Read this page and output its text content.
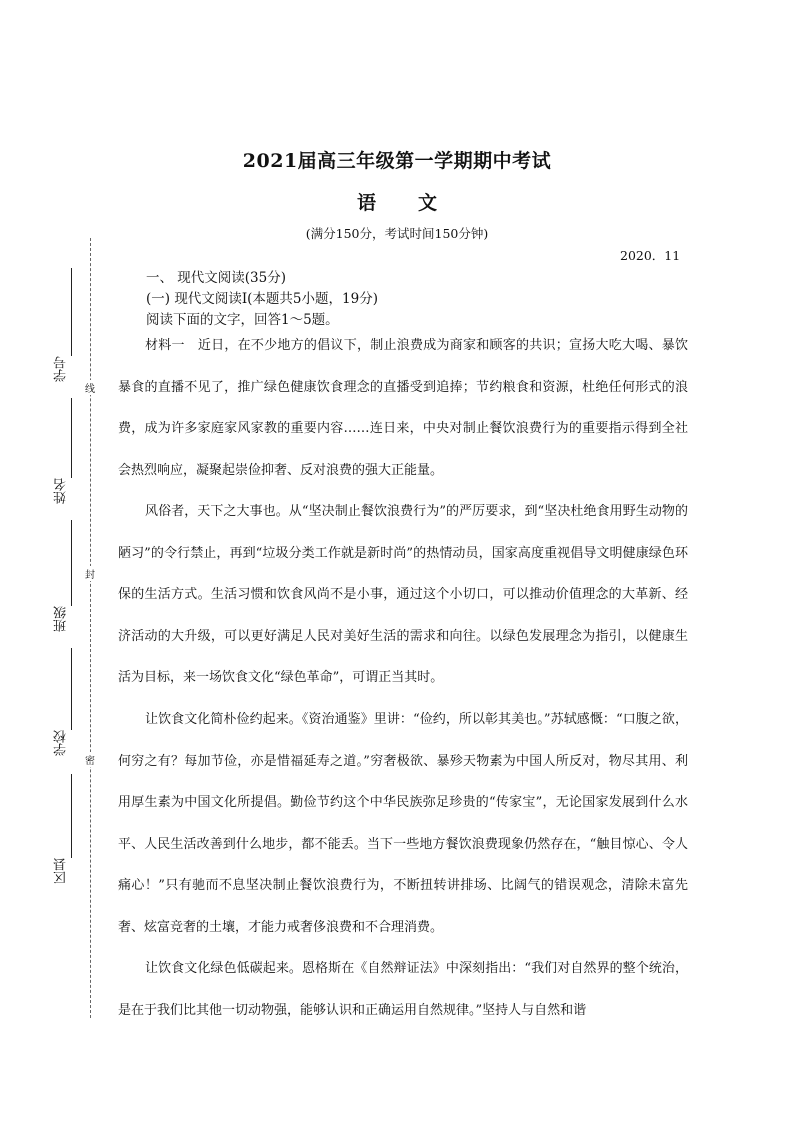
2021届高三年级第一学期期中考试
语文
(满分150分，考试时间150分钟)
2020．11
线
封
密
学号
姓名
班级
学校
区县
一、 现代文阅读(35分)
(一) 现代文阅读Ⅰ(本题共5小题，19分)
阅读下面的文字，回答1～5题。
材料一 近日，在不少地方的倡议下，制止浪费成为商家和顾客的共识；宣扬大吃大喝、暴饮暴食的直播不见了，推广绿色健康饮食理念的直播受到追捧；节约粮食和资源，杜绝任何形式的浪费，成为许多家庭家风家教的重要内容……连日来，中央对制止餐饮浪费行为的重要指示得到全社会热烈响应，凝聚起崇俭抑奢、反对浪费的强大正能量。
风俗者，天下之大事也。从“坚决制止餐饮浪费行为”的严厉要求，到“坚决杜绝食用野生动物的陋习”的令行禁止，再到“垃圾分类工作就是新时尚”的热情动员，国家高度重视倡导文明健康绿色环保的生活方式。生活习惯和饮食风尚不是小事，通过这个小切口，可以推动价值理念的大革新、经济活动的大升级，可以更好满足人民对美好生活的需求和向往。以绿色发展理念为指引，以健康生活为目标，来一场饮食文化“绿色革命”，可谓正当其时。
让饮食文化简朴俭约起来。《资治通鉴》里讲：“俭约，所以彰其美也。”苏轼感慨：“口腹之欲，何穷之有？每加节俭，亦是惜福延寿之道。”穷奢极欲、暴殄天物素为中国人所反对，物尽其用、利用厚生素为中国文化所提倡。勤俭节约这个中华民族弥足珍贵的“传家宝”，无论国家发展到什么水平、人民生活改善到什么地步，都不能丢。当下一些地方餐饮浪费现象仍然存在，“触目惊心、令人痛心！”只有驰而不息坚决制止餐饮浪费行为，不断扭转讲排场、比阔气的错误观念，清除未富先奢、炫富竞奢的土壤，才能力戒奢侈浪费和不合理消费。
让饮食文化绿色低碳起来。恩格斯在《自然辩证法》中深刻指出：“我们对自然界的整个统治，是在于我们比其他一切动物强，能够认识和正确运用自然规律。”坚持人与自然和谐
